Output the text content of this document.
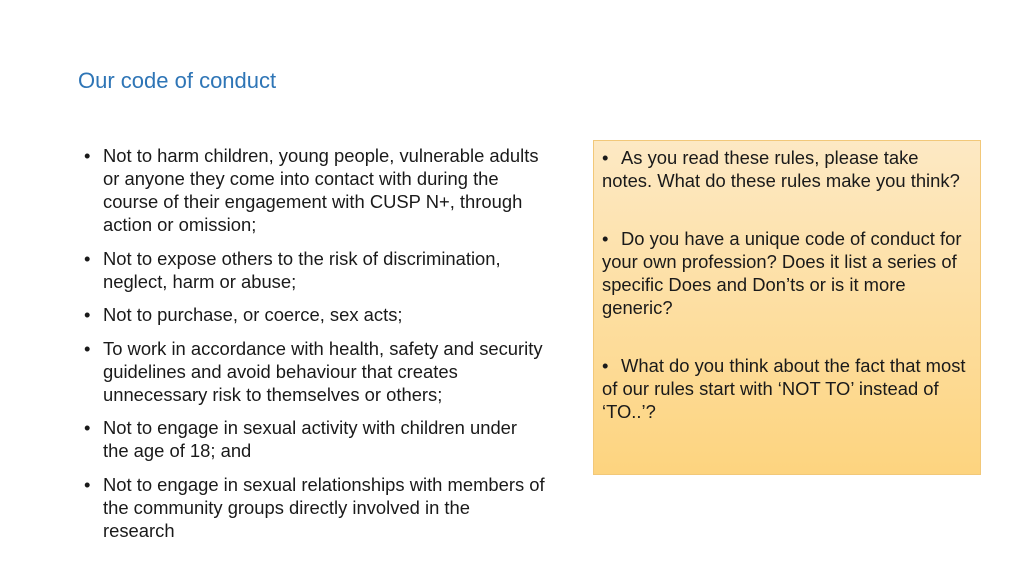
Our code of conduct
• Not to harm children, young people, vulnerable adults or anyone they come into contact with during the course of their engagement with CUSP N+, through action or omission;
• Not to expose others to the risk of discrimination, neglect, harm or abuse;
• Not to purchase, or coerce, sex acts;
• To work in accordance with health, safety and security guidelines and avoid behaviour that creates unnecessary risk to themselves or others;
• Not to engage in sexual activity with children under the age of 18; and
• Not to engage in sexual relationships with members of the community groups directly involved in the research

• As you read these rules, please take notes. What do these rules make you think?

• Do you have a unique code of conduct for your own profession? Does it list a series of specific Does and Don’ts or is it more generic?

• What do you think about the fact that most of our rules start with ‘NOT TO’ instead of ‘TO..’?
